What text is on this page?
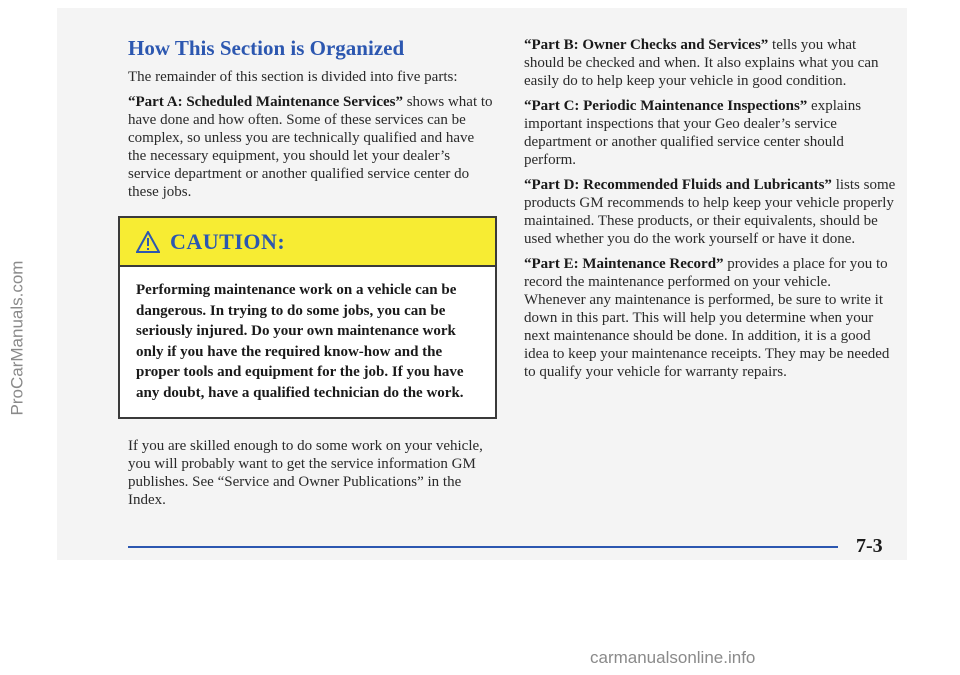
ProCarManuals.com
How This Section is Organized

The remainder of this section is divided into five parts:

“Part A: Scheduled Maintenance Services” shows what to have done and how often. Some of these services can be complex, so unless you are technically qualified and have the necessary equipment, you should let your dealer’s service department or another qualified service center do these jobs.

CAUTION:
Performing maintenance work on a vehicle can be dangerous. In trying to do some jobs, you can be seriously injured. Do your own maintenance work only if you have the required know-how and the proper tools and equipment for the job. If you have any doubt, have a qualified technician do the work.

If you are skilled enough to do some work on your vehicle, you will probably want to get the service information GM publishes. See “Service and Owner Publications” in the Index.

“Part B: Owner Checks and Services” tells you what should be checked and when. It also explains what you can easily do to help keep your vehicle in good condition.

“Part C: Periodic Maintenance Inspections” explains important inspections that your Geo dealer’s service department or another qualified service center should perform.

“Part D: Recommended Fluids and Lubricants” lists some products GM recommends to help keep your vehicle properly maintained. These products, or their equivalents, should be used whether you do the work yourself or have it done.

“Part E: Maintenance Record” provides a place for you to record the maintenance performed on your vehicle. Whenever any maintenance is performed, be sure to write it down in this part. This will help you determine when your next maintenance should be done. In addition, it is a good idea to keep your maintenance receipts. They may be needed to qualify your vehicle for warranty repairs.

7-3
carmanualsonline.info
